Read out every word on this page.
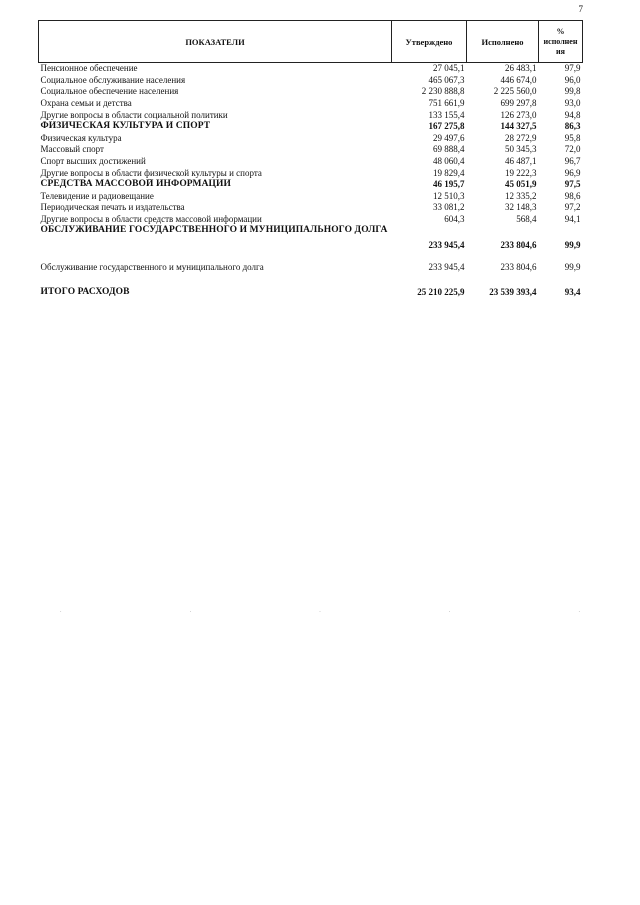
7
ПОКАЗАТЕЛИ	Утверждено	Исполнено	% исполнен ия
Пенсионное обеспечение	27 045,1	26 483,1	97,9
Социальное обслуживание населения	465 067,3	446 674,0	96,0
Социальное обеспечение населения	2 230 888,8	2 225 560,0	99,8
Охрана семьи и детства	751 661,9	699 297,8	93,0
Другие вопросы в области социальной политики	133 155,4	126 273,0	94,8
ФИЗИЧЕСКАЯ КУЛЬТУРА И СПОРТ	167 275,8	144 327,5	86,3
Физическая культура	29 497,6	28 272,9	95,8
Массовый спорт	69 888,4	50 345,3	72,0
Спорт высших достижений	48 060,4	46 487,1	96,7
Другие вопросы в области физической культуры и спорта	19 829,4	19 222,3	96,9
СРЕДСТВА МАССОВОЙ ИНФОРМАЦИИ	46 195,7	45 051,9	97,5
Телевидение и радиовещание	12 510,3	12 335,2	98,6
Периодическая печать и издательства	33 081,2	32 148,3	97,2
Другие вопросы в области средств массовой информации	604,3	568,4	94,1
ОБСЛУЖИВАНИЕ ГОСУДАРСТВЕННОГО И МУНИЦИПАЛЬНОГО ДОЛГА	233 945,4	233 804,6	99,9

Обслуживание государственного и муниципального долга	233 945,4	233 804,6	99,9

ИТОГО РАСХОДОВ	25 210 225,9	23 539 393,4	93,4
.	.	.	.	.
